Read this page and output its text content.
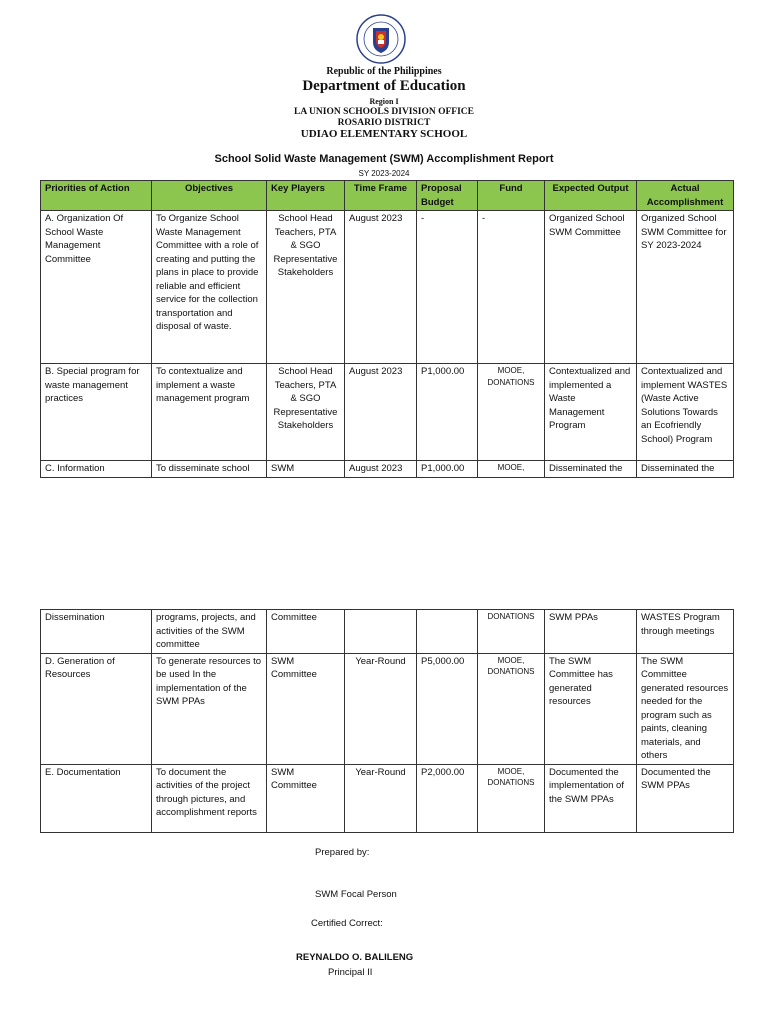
Republic of the Philippines
Department of Education
Region I
LA UNION SCHOOLS DIVISION OFFICE
ROSARIO DISTRICT
UDIAO ELEMENTARY SCHOOL
School Solid Waste Management (SWM) Accomplishment Report
SY 2023-2024
Priorities of Action	Objectives	Key Players	Time Frame	Proposal Budget	Fund	Expected Output	Actual Accomplishment
A. Organization Of School Waste Management Committee	To Organize School Waste Management Committee with a role of creating and putting the plans in place to provide reliable and efficient service for the collection transportation and disposal of waste.	School Head Teachers, PTA & SGO Representative Stakeholders	August 2023	-	-	Organized School SWM Committee	Organized School SWM Committee for SY 2023-2024
B. Special program for waste management practices	To contextualize and implement a waste management program	School Head Teachers, PTA & SGO Representative Stakeholders	August 2023	P1,000.00	MOOE, DONATIONS	Contextualized and implemented a Waste Management Program	Contextualized and implement WASTES (Waste Active Solutions Towards an Ecofriendly School) Program
C. Information	To disseminate school	SWM	August 2023	P1,000.00	MOOE,	Disseminated the	Disseminated the
Dissemination	programs, projects, and activities of the SWM committee	Committee			DONATIONS	SWM PPAs	WASTES Program through meetings
D. Generation of Resources	To generate resources to be used In the implementation of the SWM PPAs	SWM Committee	Year-Round	P5,000.00	MOOE, DONATIONS	The SWM Committee has generated resources	The SWM Committee generated resources needed for the program such as paints, cleaning materials, and others
E. Documentation	To document the activities of the project through pictures, and accomplishment reports	SWM Committee	Year-Round	P2,000.00	MOOE, DONATIONS	Documented the implementation of the SWM PPAs	Documented the SWM PPAs
Prepared by:
SWM Focal Person
Certified Correct:
REYNALDO O. BALILENG
Principal II
